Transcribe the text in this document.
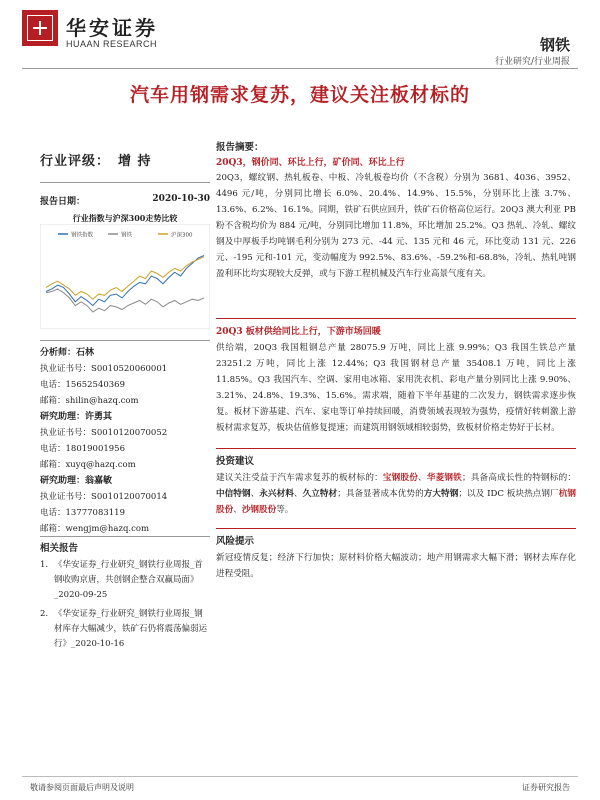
华安证券
HUAAN RESEARCH	钢铁
行业研究/行业周报
汽车用钢需求复苏，建议关注板材标的
行业评级： 增 持
报告日期：	2020-10-30
行业指数与沪深300走势比较
钢铁指数	钢铁	沪深300
分析师：石林
执业证书号：S0010520060001
电话：15652540369
邮箱：shilin@hazq.com
研究助理：许勇其
执业证书号：S0010120070052
电话：18019001956
邮箱：xuyq@hazq.com
研究助理：翁嘉敏
执业证书号：S0010120070014
电话：13777083119
邮箱：wengjm@hazq.com
相关报告
1. 《华安证券_行业研究_钢铁行业周报_首钢收购京唐，共创钢企整合双赢局面》_2020-09-25
2. 《华安证券_行业研究_钢铁行业周报_钢材库存大幅减少，铁矿石仍将震荡偏弱运行》_2020-10-16
报告摘要：
20Q3，钢价同、环比上行，矿价同、环比上行
20Q3，螺纹钢、热轧板卷、中板、冷轧板卷均价（不含税）分别为 3681、4036、3952、4496 元/吨，分别同比增长 6.0%、20.4%、14.9%、15.5%，分别环比上涨 3.7%、13.6%、6.2%、16.1%。同期，铁矿石供应回升，铁矿石价格高位运行。20Q3 澳大利亚 PB 粉不含税均价为 884 元/吨，分别同比增加 11.8%，环比增加 25.2%。Q3 热轧、冷轧、螺纹钢及中厚板手均吨钢毛利分别为 273 元、-44 元、135 元和 46 元，环比变动 131 元、226 元、-195 元和-101 元，变动幅度为 992.5%、83.6%、-59.2%和-68.8%，冷轧、热轧吨钢盈利环比均实现较大反弹，或与下游工程机械及汽车行业高景气度有关。
20Q3 板材供给同比上行，下游市场回暖
供给端，20Q3 我国粗钢总产量 28075.9 万吨，同比上涨 9.99%；Q3 我国生铁总产量 23251.2 万吨，同比上涨 12.44%；Q3 我国钢材总产量 35408.1 万吨，同比上涨 11.85%。Q3 我国汽车、空调、家用电冰箱、家用洗衣机、彩电产量分别同比上涨 9.90%、3.21%、24.8%、19.3%、15.6%。需求端，随着下半年基建的二次发力，钢铁需求逐步恢复。板材下游基建、汽车、家电等订单持续回暖，消费领域表现较为强势，疫情好转刺激上游板材需求复苏，板块估值修复提速；而建筑用钢领域相较弱势，致板材价格走势好于长材。
投资建议
建议关注受益于汽车需求复苏的板材标的：宝钢股份、华菱钢铁；具备高成长性的特钢标的：中信特钢、永兴材料、久立特材；具备显著成本优势的方大特钢；以及 IDC 板块热点钢厂杭钢股份、沙钢股份等。
风险提示
新冠疫情反复；经济下行加快；原材料价格大幅波动；地产用钢需求大幅下滑；钢材去库存化进程受阻。
敬请参阅页面最后声明及说明	证券研究报告
